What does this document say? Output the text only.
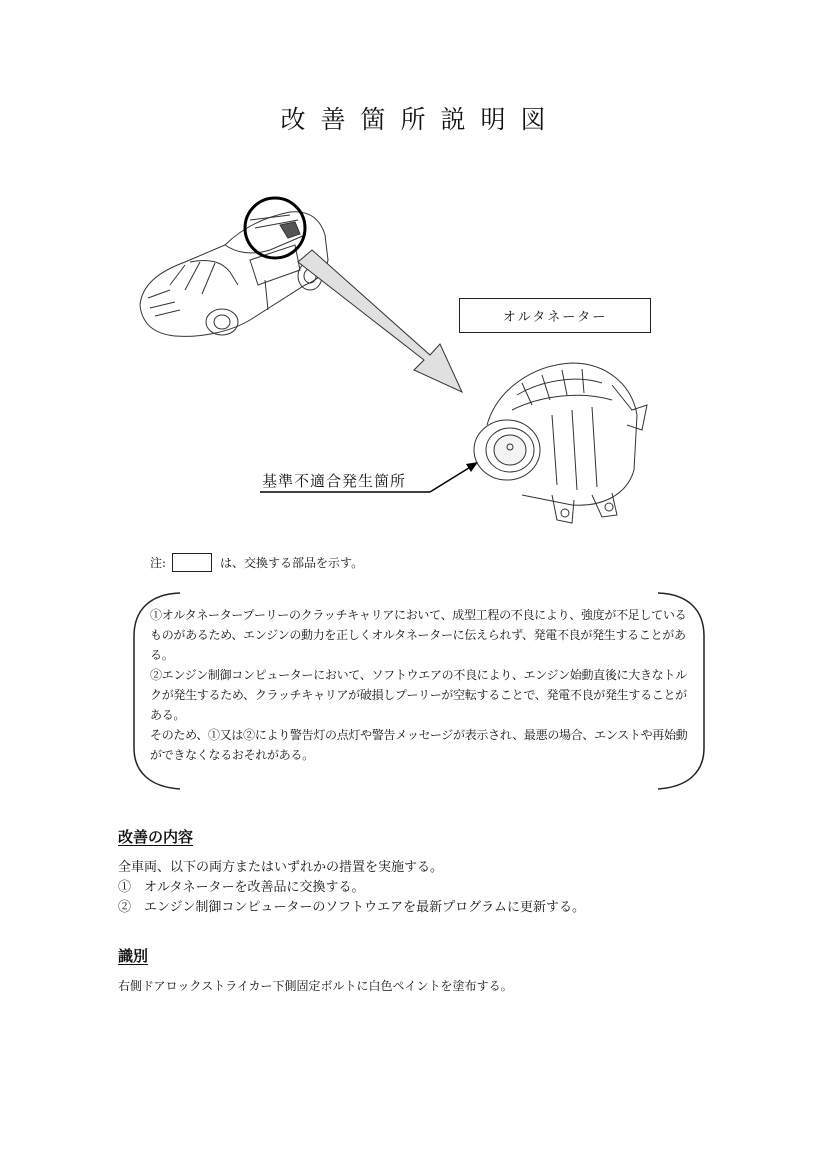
改善箇所説明図
オルタネーター
基準不適合発生箇所
注:	は、交換する部品を示す。

①オルタネータープーリーのクラッチキャリアにおいて、成型工程の不良により、強度が不足しているものがあるため、エンジンの動力を正しくオルタネーターに伝えられず、発電不良が発生することがある。

②エンジン制御コンピューターにおいて、ソフトウエアの不良により、エンジン始動直後に大きなトルクが発生するため、クラッチキャリアが破損しプーリーが空転することで、発電不良が発生することがある。

そのため、①又は②により警告灯の点灯や警告メッセージが表示され、最悪の場合、エンストや再始動ができなくなるおそれがある。

改善の内容

全車両、以下の両方またはいずれかの措置を実施する。

①　オルタネーターを改善品に交換する。

②　エンジン制御コンピューターのソフトウエアを最新プログラムに更新する。

識別
右側ドアロックストライカー下側固定ボルトに白色ペイントを塗布する。
